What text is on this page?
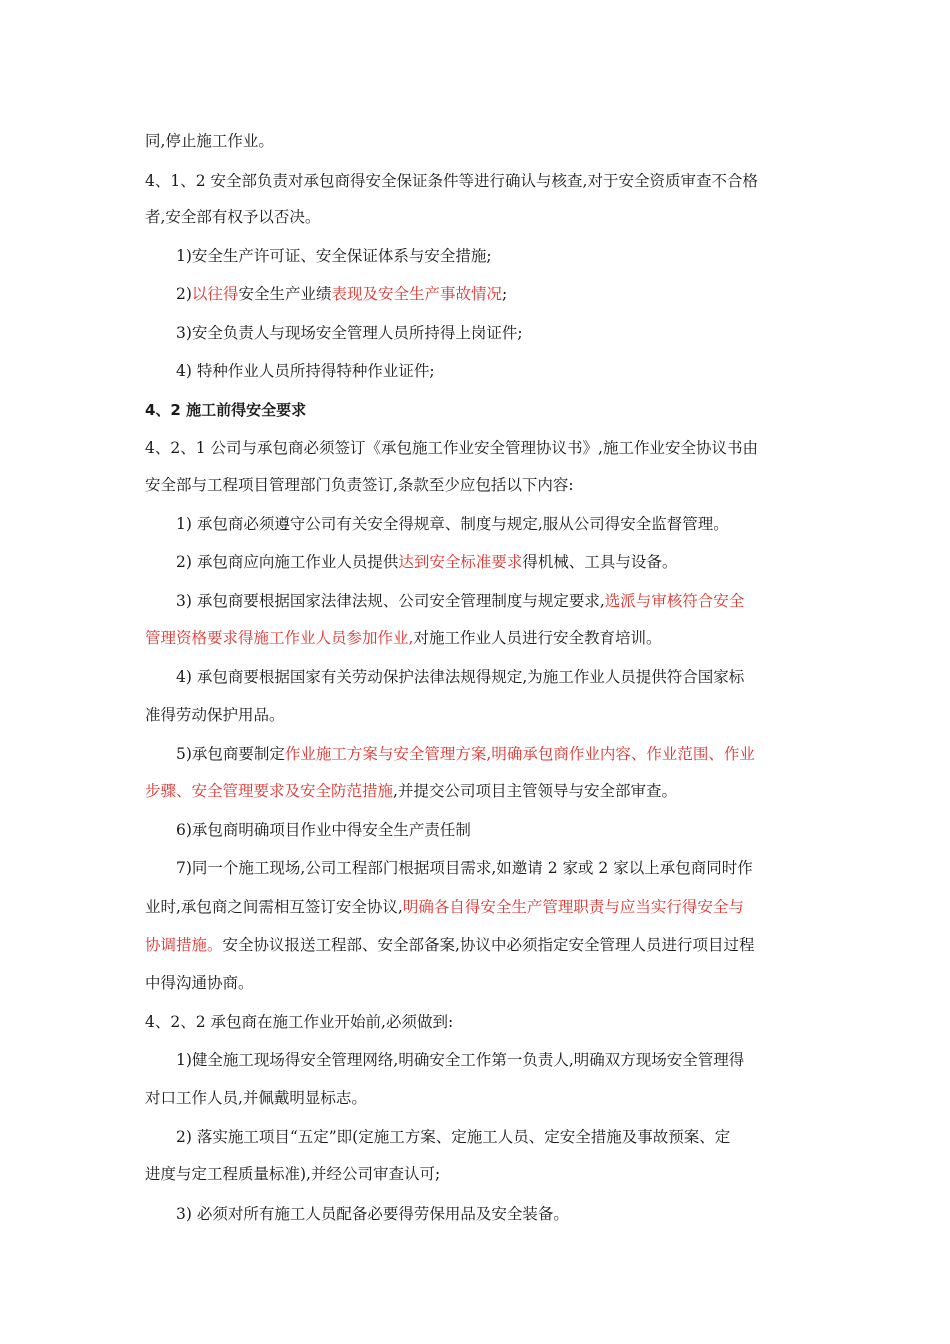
同,停止施工作业。
4、1、2 安全部负责对承包商得安全保证条件等进行确认与核查,对于安全资质审查不合格
者,安全部有权予以否决。
1)安全生产许可证、安全保证体系与安全措施;
2)以往得安全生产业绩表现及安全生产事故情况;
3)安全负责人与现场安全管理人员所持得上岗证件;
4) 特种作业人员所持得特种作业证件;
4、2 施工前得安全要求
4、2、1 公司与承包商必须签订《承包施工作业安全管理协议书》,施工作业安全协议书由
安全部与工程项目管理部门负责签订,条款至少应包括以下内容:
1) 承包商必须遵守公司有关安全得规章、制度与规定,服从公司得安全监督管理。
2) 承包商应向施工作业人员提供达到安全标准要求得机械、工具与设备。
3) 承包商要根据国家法律法规、公司安全管理制度与规定要求,选派与审核符合安全
管理资格要求得施工作业人员参加作业,对施工作业人员进行安全教育培训。
4) 承包商要根据国家有关劳动保护法律法规得规定,为施工作业人员提供符合国家标
准得劳动保护用品。
5)承包商要制定作业施工方案与安全管理方案,明确承包商作业内容、作业范围、作业
步骤、安全管理要求及安全防范措施,并提交公司项目主管领导与安全部审查。
6)承包商明确项目作业中得安全生产责任制
7)同一个施工现场,公司工程部门根据项目需求,如邀请 2 家或 2 家以上承包商同时作
业时,承包商之间需相互签订安全协议,明确各自得安全生产管理职责与应当实行得安全与
协调措施。安全协议报送工程部、安全部备案,协议中必须指定安全管理人员进行项目过程
中得沟通协商。
4、2、2 承包商在施工作业开始前,必须做到:
1)健全施工现场得安全管理网络,明确安全工作第一负责人,明确双方现场安全管理得
对口工作人员,并佩戴明显标志。
2) 落实施工项目“五定”即(定施工方案、定施工人员、定安全措施及事故预案、定
进度与定工程质量标准),并经公司审查认可;
3) 必须对所有施工人员配备必要得劳保用品及安全装备。
